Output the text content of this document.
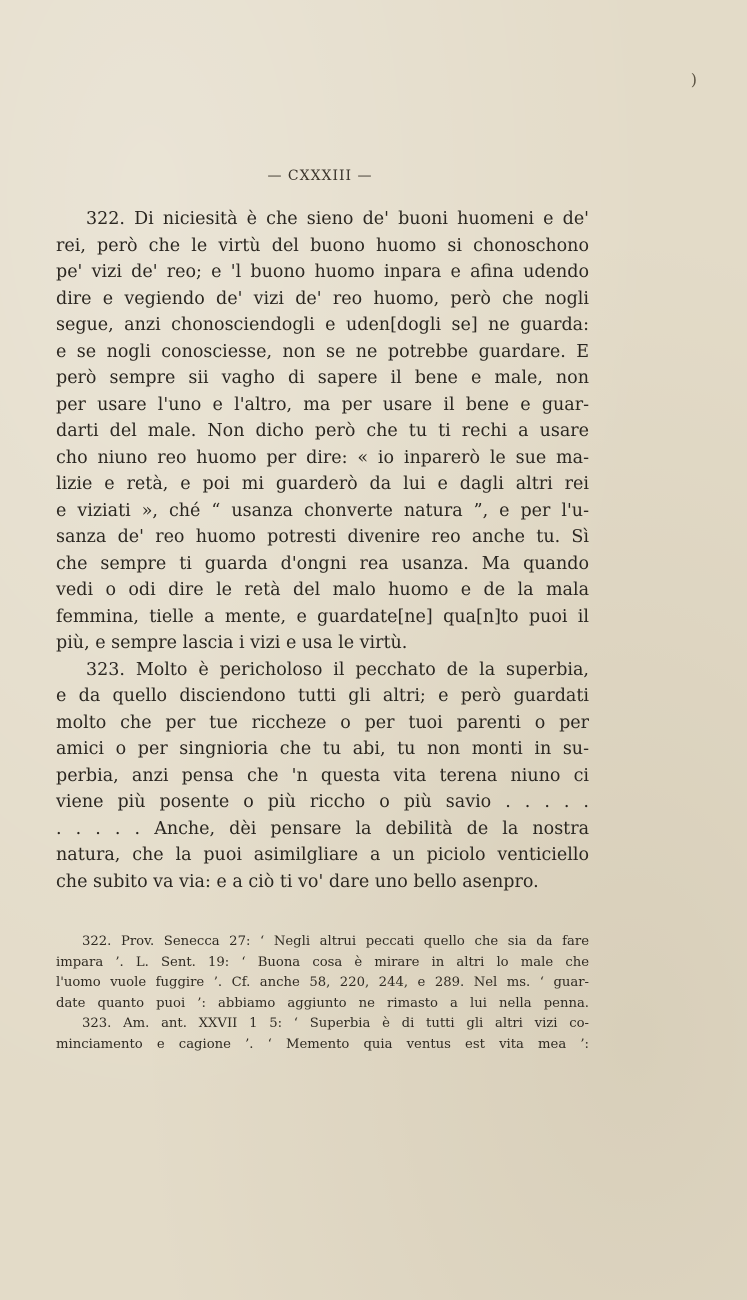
)
— CXXXIII —
322. Di niciesità è che sieno de' buoni huomeni e de'
rei, però che le virtù del buono huomo si chonoschono
pe' vizi de' reo; e 'l buono huomo inpara e afina udendo
dire e vegiendo de' vizi de' reo huomo, però che nogli
segue, anzi chonosciendogli e uden[dogli se] ne guarda:
e se nogli conosciesse, non se ne potrebbe guardare. E
però sempre sii vagho di sapere il bene e male, non
per usare l'uno e l'altro, ma per usare il bene e guar-
darti del male. Non dicho però che tu ti rechi a usare
cho niuno reo huomo per dire: « io inparerò le sue ma-
lizie e retà, e poi mi guarderò da lui e dagli altri rei
e viziati », ché “ usanza chonverte natura ”, e per l'u-
sanza de' reo huomo potresti divenire reo anche tu. Sì
che sempre ti guarda d'ongni rea usanza. Ma quando
vedi o odi dire le retà del malo huomo e de la mala
femmina, tielle a mente, e guardate[ne] qua[n]to puoi il
più, e sempre lascia i vizi e usa le virtù.
323. Molto è pericholoso il pecchato de la superbia,
e da quello disciendono tutti gli altri; e però guardati
molto che per tue riccheze o per tuoi parenti o per
amici o per singnioria che tu abi, tu non monti in su-
perbia, anzi pensa che 'n questa vita terena niuno ci
viene più posente o più riccho o più savio . . . . .
. . . . . Anche, dèi pensare la debilità de la nostra
natura, che la puoi asimilgliare a un piciolo venticiello
che subito va via: e a ciò ti vo' dare uno bello asenpro.
322. Prov. Senecca 27: ‘ Negli altrui peccati quello che sia da fare
impara ’. L. Sent. 19: ‘ Buona cosa è mirare in altri lo male che
l'uomo vuole fuggire ’. Cf. anche 58, 220, 244, e 289. Nel ms. ‘ guar-
date quanto puoi ’: abbiamo aggiunto ne rimasto a lui nella penna.
323. Am. ant. XXVII 1 5: ‘ Superbia è di tutti gli altri vizi co-
minciamento e cagione ’. ‘ Memento quia ventus est vita mea ’:
